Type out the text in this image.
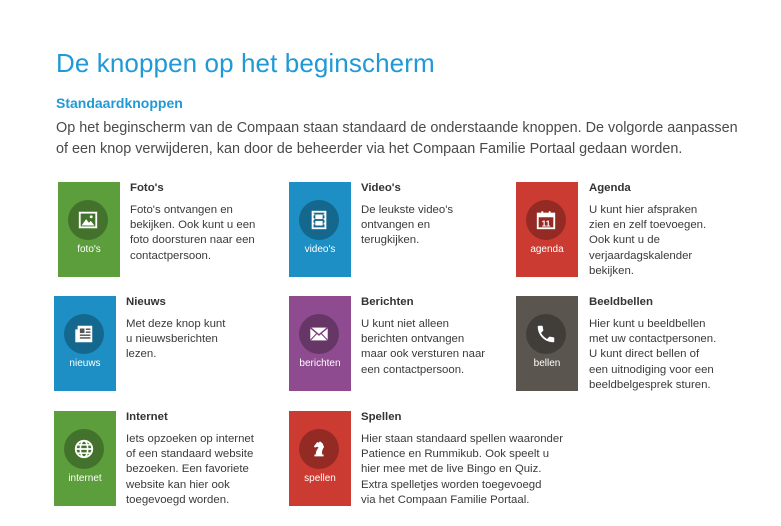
De knoppen op het beginscherm
Standaardknoppen

Op het beginscherm van de Compaan staan standaard de onderstaande knoppen. De volgorde aanpassen
of een knop verwijderen, kan door de beheerder via het Compaan Familie Portaal gedaan worden.

foto's
Foto's
Foto's ontvangen en
bekijken. Ook kunt u een
foto doorsturen naar een
contactpersoon.
video's
Video's
De leukste video's
ontvangen en
terugkijken.
11
agenda
Agenda
U kunt hier afspraken
zien en zelf toevoegen.
Ook kunt u de
verjaardagskalender
bekijken.
nieuws
Nieuws
Met deze knop kunt
u nieuwsberichten
lezen.
berichten
Berichten
U kunt niet alleen
berichten ontvangen
maar ook versturen naar
een contactpersoon.
bellen
Beeldbellen
Hier kunt u beeldbellen
met uw contactpersonen.
U kunt direct bellen of
een uitnodiging voor een
beeldbelgesprek sturen.
internet
Internet
Iets opzoeken op internet
of een standaard website
bezoeken. Een favoriete
website kan hier ook
toegevoegd worden.
spellen
Spellen
Hier staan standaard spellen waaronder
Patience en Rummikub. Ook speelt u
hier mee met de live Bingo en Quiz.
Extra spelletjes worden toegevoegd
via het Compaan Familie Portaal.
